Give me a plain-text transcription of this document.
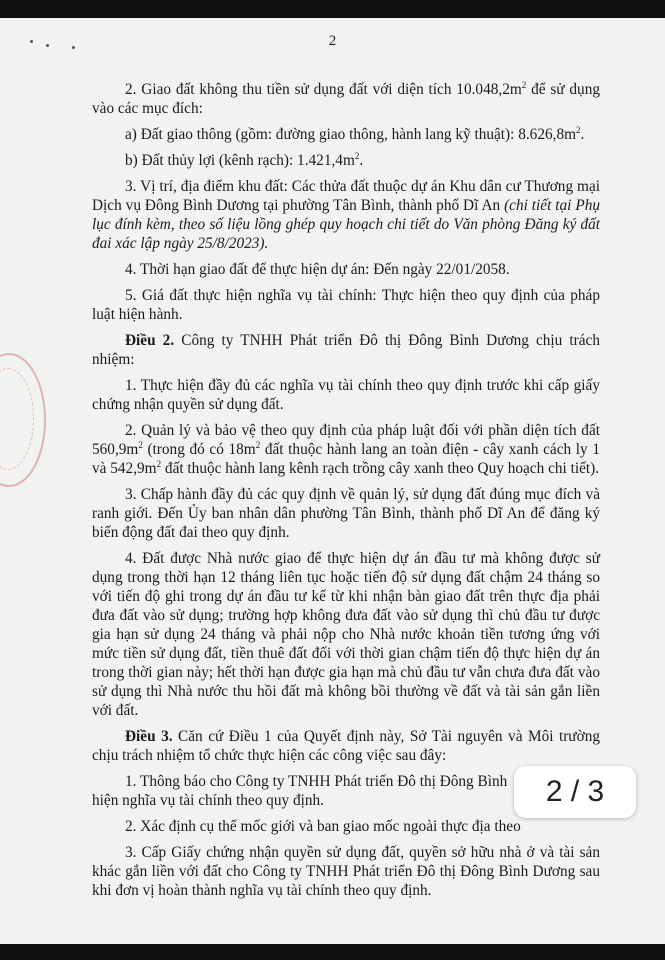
2

2. Giao đất không thu tiền sử dụng đất với diện tích $10.048,2m^2$ để sử dụng vào các mục đích:

a) Đất giao thông (gồm: đường giao thông, hành lang kỹ thuật): $8.626,8m^2$.

b) Đất thủy lợi (kênh rạch): $1.421,4m^2$.

3. Vị trí, địa điểm khu đất: Các thửa đất thuộc dự án Khu dân cư Thương mại Dịch vụ Đông Bình Dương tại phường Tân Bình, thành phố Dĩ An (chi tiết tại Phụ lục đính kèm, theo số liệu lồng ghép quy hoạch chi tiết do Văn phòng Đăng ký đất đai xác lập ngày 25/8/2023).

4. Thời hạn giao đất để thực hiện dự án: Đến ngày 22/01/2058.

5. Giá đất thực hiện nghĩa vụ tài chính: Thực hiện theo quy định của pháp luật hiện hành.

Điều 2. Công ty TNHH Phát triển Đô thị Đông Bình Dương chịu trách nhiệm:

1. Thực hiện đầy đủ các nghĩa vụ tài chính theo quy định trước khi cấp giấy chứng nhận quyền sử dụng đất.

2. Quản lý và bảo vệ theo quy định của pháp luật đối với phần diện tích đất $560,9m^2$ (trong đó có $18m^2$ đất thuộc hành lang an toàn điện - cây xanh cách ly 1 và $542,9m^2$ đất thuộc hành lang kênh rạch trồng cây xanh theo Quy hoạch chi tiết).

3. Chấp hành đầy đủ các quy định về quản lý, sử dụng đất đúng mục đích và ranh giới. Đến Ủy ban nhân dân phường Tân Bình, thành phố Dĩ An để đăng ký biến động đất đai theo quy định.

4. Đất được Nhà nước giao để thực hiện dự án đầu tư mà không được sử dụng trong thời hạn 12 tháng liên tục hoặc tiến độ sử dụng đất chậm 24 tháng so với tiến độ ghi trong dự án đầu tư kể từ khi nhận bàn giao đất trên thực địa phải đưa đất vào sử dụng; trường hợp không đưa đất vào sử dụng thì chủ đầu tư được gia hạn sử dụng 24 tháng và phải nộp cho Nhà nước khoản tiền tương ứng với mức tiền sử dụng đất, tiền thuê đất đối với thời gian chậm tiến độ thực hiện dự án trong thời gian này; hết thời hạn được gia hạn mà chủ đầu tư vẫn chưa đưa đất vào sử dụng thì Nhà nước thu hồi đất mà không bồi thường về đất và tài sản gắn liền với đất.

Điều 3. Căn cứ Điều 1 của Quyết định này, Sở Tài nguyên và Môi trường chịu trách nhiệm tổ chức thực hiện các công việc sau đây:

1. Thông báo cho Công ty TNHH Phát triển Đô thị Đông Bình

hiện nghĩa vụ tài chính theo quy định.

2. Xác định cụ thể mốc giới và ban giao mốc ngoài thực địa theo

3. Cấp Giấy chứng nhận quyền sử dụng đất, quyền sở hữu nhà ở và tài sản khác gắn liền với đất cho Công ty TNHH Phát triển Đô thị Đông Bình Dương sau khi đơn vị hoàn thành nghĩa vụ tài chính theo quy định.

2 / 3
